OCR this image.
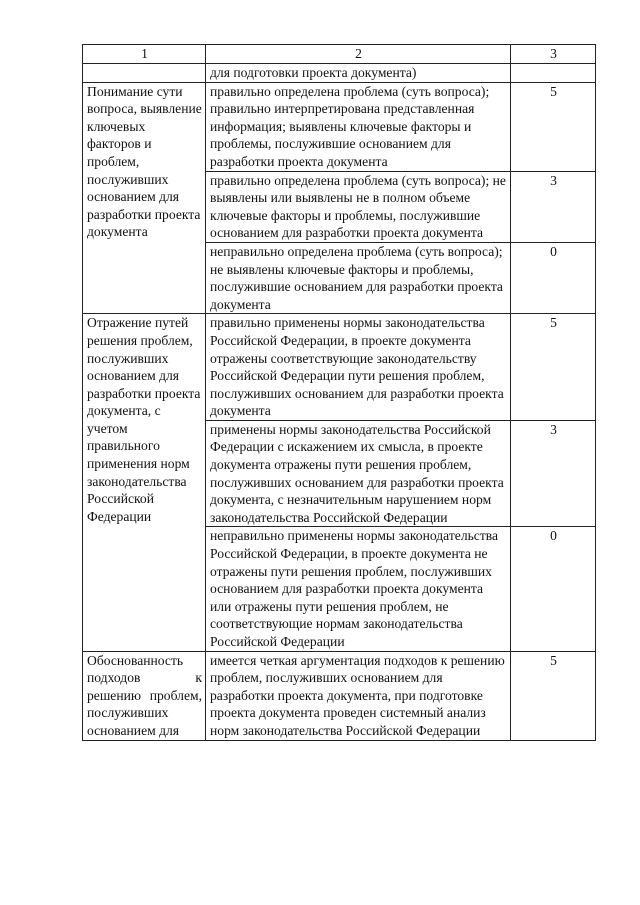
1	2	3
	для подготовки проекта документа)	
Понимание сути вопроса, выявление ключевых факторов и проблем, послуживших основанием для разработки проекта документа	правильно определена проблема (суть вопроса); правильно интерпретирована представленная информация; выявлены ключевые факторы и проблемы, послужившие основанием для разработки проекта документа	5
	правильно определена проблема (суть вопроса); не выявлены или выявлены не в полном объеме ключевые факторы и проблемы, послужившие основанием для разработки проекта документа	3
	неправильно определена проблема (суть вопроса); не выявлены ключевые факторы и проблемы, послужившие основанием для разработки проекта документа	0
Отражение путей решения проблем, послуживших основанием для разработки проекта документа, с учетом правильного применения норм законодательства Российской Федерации	правильно применены нормы законодательства Российской Федерации, в проекте документа отражены соответствующие законодательству Российской Федерации пути решения проблем, послуживших основанием для разработки проекта документа	5
	применены нормы законодательства Российской Федерации с искажением их смысла, в проекте документа отражены пути решения проблем, послуживших основанием для разработки проекта документа, с незначительным нарушением норм законодательства Российской Федерации	3
	неправильно применены нормы законодательства Российской Федерации, в проекте документа не отражены пути решения проблем, послуживших основанием для разработки проекта документа или отражены пути решения проблем, не соответствующие нормам законодательства Российской Федерации	0
Обоснованность подходов к решению проблем, послуживших основанием для	имеется четкая аргументация подходов к решению проблем, послуживших основанием для разработки проекта документа, при подготовке проекта документа проведен системный анализ норм законодательства Российской Федерации	5
